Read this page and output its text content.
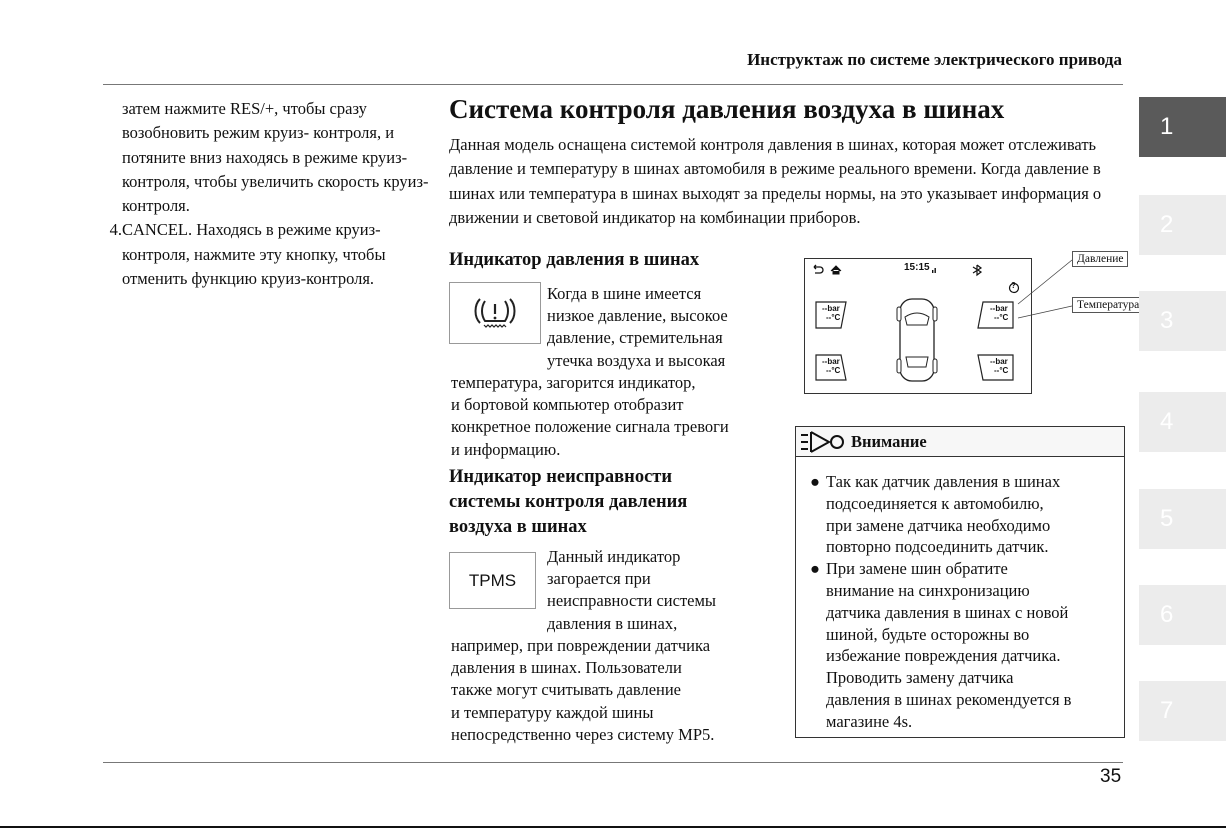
Инструктаж по системе электрического привода

затем нажмите RES/+, чтобы сразу возобновить режим круиз- контроля, и потяните вниз находясь в режиме круиз-контроля, чтобы увеличить скорость круиз-контроля.

4. CANCEL. Находясь в режиме круиз-контроля, нажмите эту кнопку, чтобы отменить функцию круиз-контроля.
Система контроля давления воздуха в шинах
Данная модель оснащена системой контроля давления в шинах, которая может отслеживать давление и температуру в шинах автомобиля в режиме реального времени. Когда давление в шинах или температура в шинах выходят за пределы нормы, на это указывает информация о движении и световой индикатор на комбинации приборов.
Индикатор давления в шинах
Когда в шине имеется
низкое давление, высокое
давление, стремительная
утечка воздуха и высокая
температура, загорится индикатор,
и бортовой компьютер отобразит
конкретное положение сигнала тревоги
и информацию.
Индикатор неисправности
системы контроля давления
воздуха в шинах
TPMS
Данный индикатор
загорается при
неисправности системы
давления в шинах,
например, при повреждении датчика
давления в шинах. Пользователи
также могут считывать давление
и температуру каждой шины
непосредственно через систему MP5.
15:15
?
--bar
--°C
--bar
--°C
--bar
--°C
--bar
--°C
Давление
Температура
Внимание
● Так как датчик давления в шинах
подсоединяется к автомобилю,
при замене датчика необходимо
повторно подсоединить датчик.
● При замене шин обратите
внимание на синхронизацию
датчика давления в шинах с новой
шиной, будьте осторожны во
избежание повреждения датчика.
Проводить замену датчика
давления в шинах рекомендуется в
магазине 4s.
1
2
3
4
5
6
7
35
